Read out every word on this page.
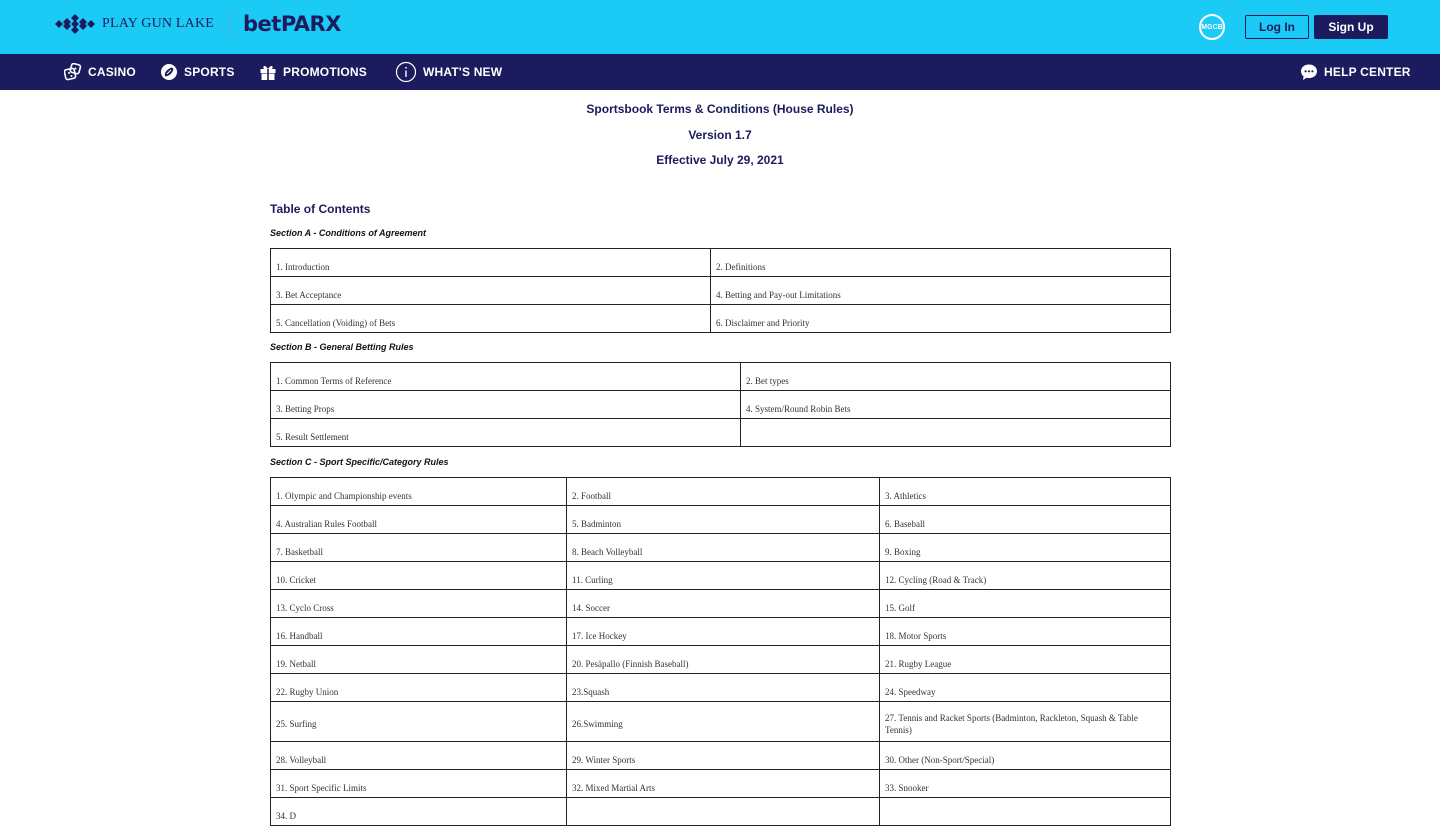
PLAY GUN LAKE betPARX	MGCB	Log In	Sign Up
CASINO	SPORTS	PROMOTIONS	WHAT'S NEW	HELP CENTER
Sportsbook Terms & Conditions (House Rules)
Version 1.7
Effective July 29, 2021
Table of Contents
Section A - Conditions of Agreement
1. Introduction	2. Definitions
3. Bet Acceptance	4. Betting and Pay-out Limitations
5. Cancellation (Voiding) of Bets	6. Disclaimer and Priority
Section B - General Betting Rules
1. Common Terms of Reference	2. Bet types
3. Betting Props	4. System/Round Robin Bets
5. Result Settlement	
Section C - Sport Specific/Category Rules
1. Olympic and Championship events	2. Football	3. Athletics
4. Australian Rules Football	5. Badminton	6. Baseball
7. Basketball	8. Beach Volleyball	9. Boxing
10. Cricket	11. Curling	12. Cycling (Road & Track)
13. Cyclo Cross	14. Soccer	15. Golf
16. Handball	17. Ice Hockey	18. Motor Sports
19. Netball	20. Pesäpallo (Finnish Baseball)	21. Rugby League
22. Rugby Union	23.Squash	24. Speedway
25. Surfing	26.Swimming	27. Tennis and Racket Sports (Badminton, Rackleton, Squash & Table Tennis)
28. Volleyball	29. Winter Sports	30. Other (Non-Sport/Special)
31. Sport Specific Limits	32. Mixed Martial Arts	33. Snooker
34. D		
